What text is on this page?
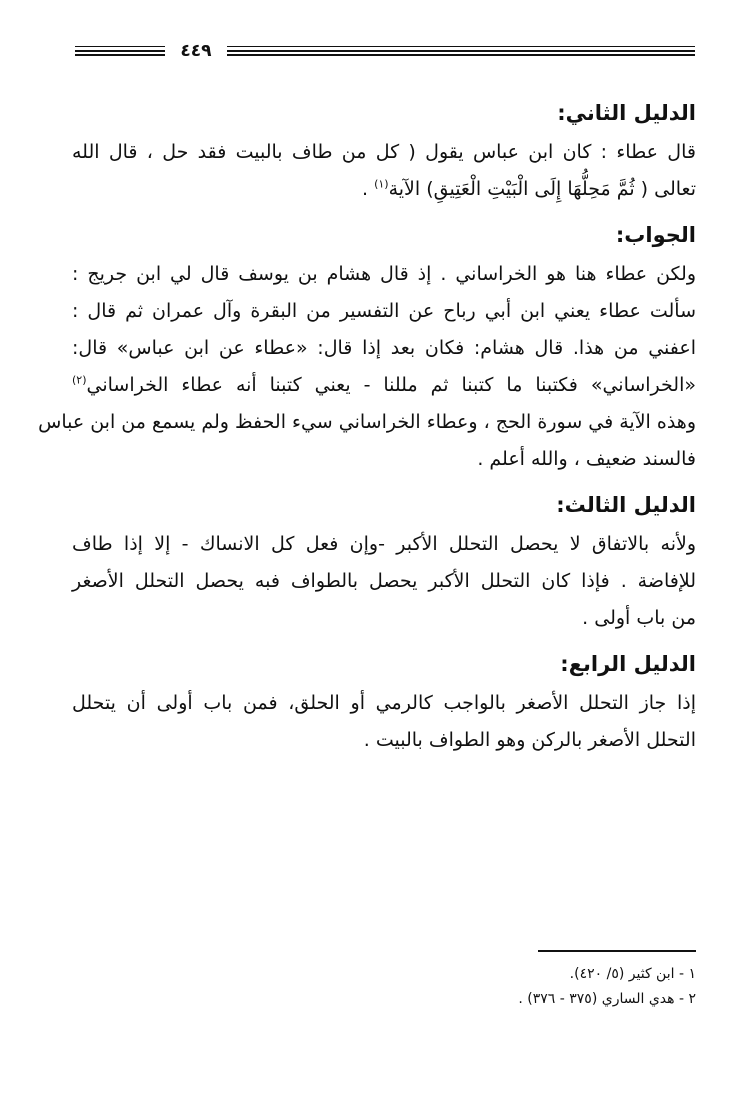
٤٤٩
الدليل الثاني:
قال عطاء : كان ابن عباس يقول ( كل من طاف بالبيت فقد حل ، قال الله
تعالى ( ثُمَّ مَحِلُّهَا إِلَى الْبَيْتِ الْعَتِيقِ) الآية$^{(١)}$ .
الجواب:
ولكن عطاء هنا هو الخراساني . إذ قال هشام بن يوسف قال لي ابن جريج :
سألت عطاء يعني ابن أبي رباح عن التفسير من البقرة وآل عمران ثم قال :
اعفني من هذا. قال هشام: فكان بعد إذا قال: «عطاء عن ابن عباس» قال:
«الخراساني» فكتبنا ما كتبنا ثم مللنا - يعني كتبنا أنه عطاء الخراساني$^{(٢)}$
وهذه الآية في سورة الحج ، وعطاء الخراساني سيء الحفظ ولم يسمع من ابن عباس
فالسند ضعيف ، والله أعلم .
الدليل الثالث:
ولأنه بالاتفاق لا يحصل التحلل الأكبر -وإن فعل كل الانساك - إلا إذا طاف
للإفاضة . فإذا كان التحلل الأكبر يحصل بالطواف فبه يحصل التحلل الأصغر
من باب أولى .
الدليل الرابع:
إذا جاز التحلل الأصغر بالواجب كالرمي أو الحلق، فمن باب أولى أن يتحلل
التحلل الأصغر بالركن وهو الطواف بالبيت .
١ - ابن كثير (٥/ ٤٢٠).
٢ - هدي الساري (٣٧٥ - ٣٧٦) .
